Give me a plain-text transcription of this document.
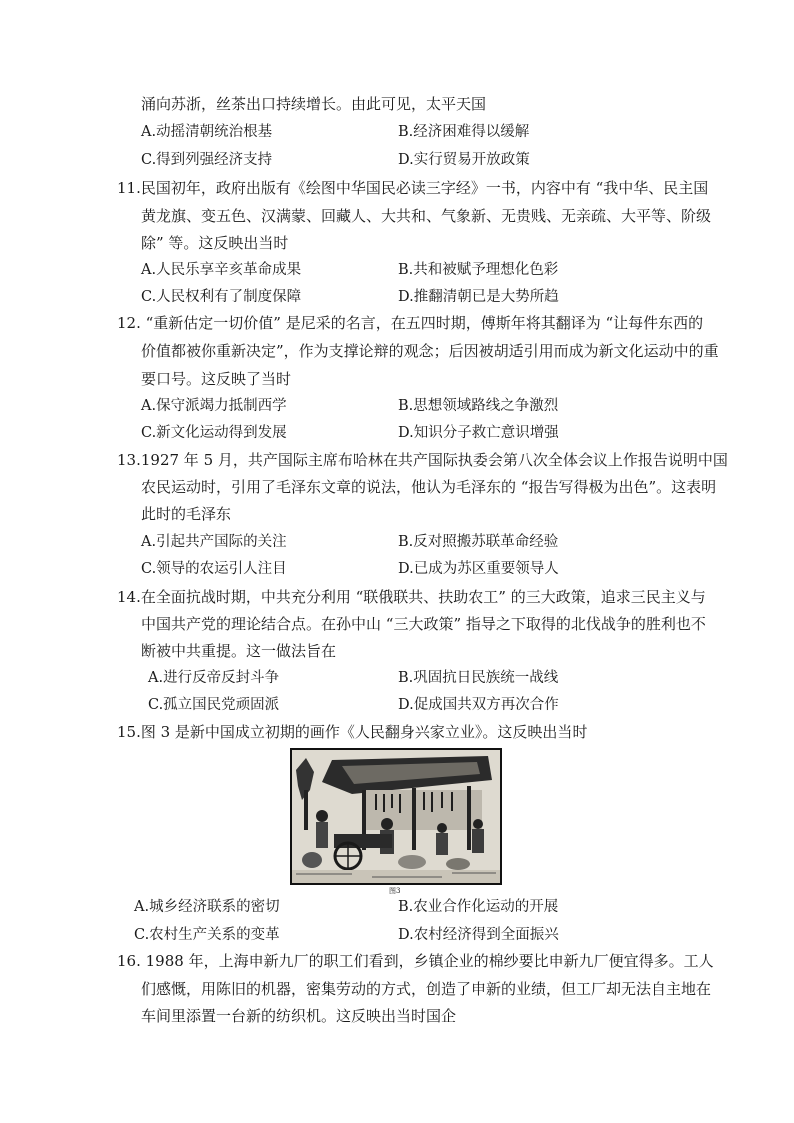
涌向苏浙，丝茶出口持续增长。由此可见，太平天国
A.动摇清朝统治根基	B.经济困难得以缓解
C.得到列强经济支持	D.实行贸易开放政策
11.民国初年，政府出版有《绘图中华国民必读三字经》一书，内容中有 “我中华、民主国
黄龙旗、变五色、汉满蒙、回藏人、大共和、气象新、无贵贱、无亲疏、大平等、阶级
除” 等。这反映出当时
A.人民乐享辛亥革命成果	B.共和被赋予理想化色彩
C.人民权利有了制度保障	D.推翻清朝已是大势所趋
12. “重新估定一切价值” 是尼采的名言，在五四时期，傅斯年将其翻译为 “让每件东西的
价值都被你重新决定”，作为支撑论辩的观念；后因被胡适引用而成为新文化运动中的重
要口号。这反映了当时
A.保守派竭力抵制西学	B.思想领域路线之争激烈
C.新文化运动得到发展	D.知识分子救亡意识增强
13.1927 年 5 月，共产国际主席布哈林在共产国际执委会第八次全体会议上作报告说明中国
农民运动时，引用了毛泽东文章的说法，他认为毛泽东的 “报告写得极为出色”。这表明
此时的毛泽东
A.引起共产国际的关注	B.反对照搬苏联革命经验
C.领导的农运引人注目	D.已成为苏区重要领导人
14.在全面抗战时期，中共充分利用 “联俄联共、扶助农工” 的三大政策，追求三民主义与
中国共产党的理论结合点。在孙中山 “三大政策” 指导之下取得的北伐战争的胜利也不
断被中共重提。这一做法旨在
A.进行反帝反封斗争	B.巩固抗日民族统一战线
C.孤立国民党顽固派	D.促成国共双方再次合作
15.图 3 是新中国成立初期的画作《人民翻身兴家立业》。这反映出当时
图3
A.城乡经济联系的密切	B.农业合作化运动的开展
C.农村生产关系的变革	D.农村经济得到全面振兴
16. 1988 年，上海申新九厂的职工们看到，乡镇企业的棉纱要比申新九厂便宜得多。工人
们感慨，用陈旧的机器，密集劳动的方式，创造了申新的业绩，但工厂却无法自主地在
车间里添置一台新的纺织机。这反映出当时国企
